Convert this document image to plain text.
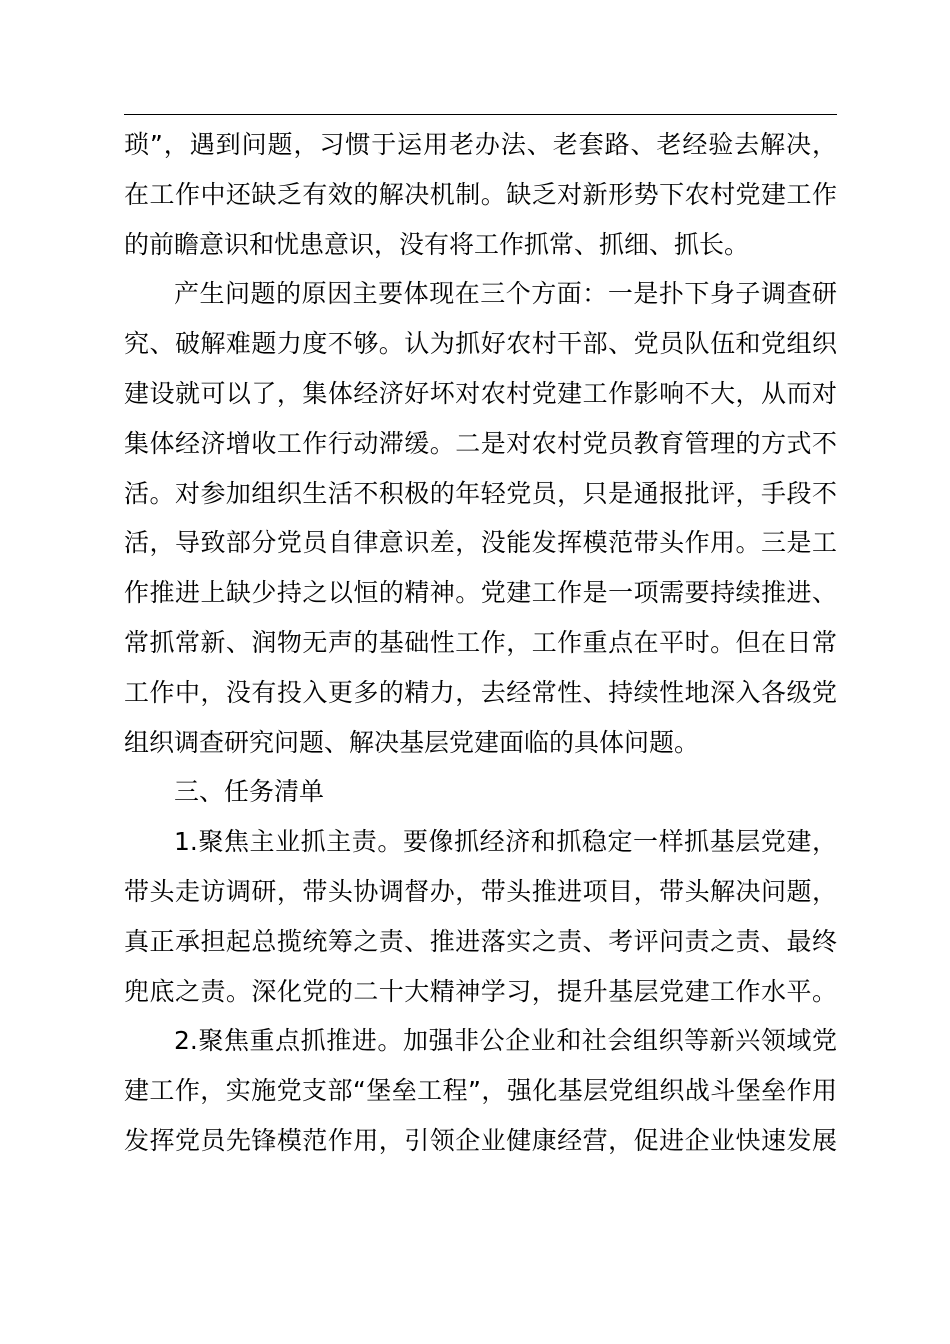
琐”，遇到问题，习惯于运用老办法、老套路、老经验去解决，
在工作中还缺乏有效的解决机制。缺乏对新形势下农村党建工作
的前瞻意识和忧患意识，没有将工作抓常、抓细、抓长。
产生问题的原因主要体现在三个方面：一是扑下身子调查研
究、破解难题力度不够。认为抓好农村干部、党员队伍和党组织
建设就可以了，集体经济好坏对农村党建工作影响不大，从而对
集体经济增收工作行动滞缓。二是对农村党员教育管理的方式不
活。对参加组织生活不积极的年轻党员，只是通报批评，手段不
活，导致部分党员自律意识差，没能发挥模范带头作用。三是工
作推进上缺少持之以恒的精神。党建工作是一项需要持续推进、
常抓常新、润物无声的基础性工作，工作重点在平时。但在日常
工作中，没有投入更多的精力，去经常性、持续性地深入各级党
组织调查研究问题、解决基层党建面临的具体问题。
三、任务清单
1.聚焦主业抓主责。要像抓经济和抓稳定一样抓基层党建，
带头走访调研，带头协调督办，带头推进项目，带头解决问题，
真正承担起总揽统筹之责、推进落实之责、考评问责之责、最终
兜底之责。深化党的二十大精神学习，提升基层党建工作水平。
2.聚焦重点抓推进。加强非公企业和社会组织等新兴领域党
建工作，实施党支部“堡垒工程”，强化基层党组织战斗堡垒作用
发挥党员先锋模范作用，引领企业健康经营，促进企业快速发展
